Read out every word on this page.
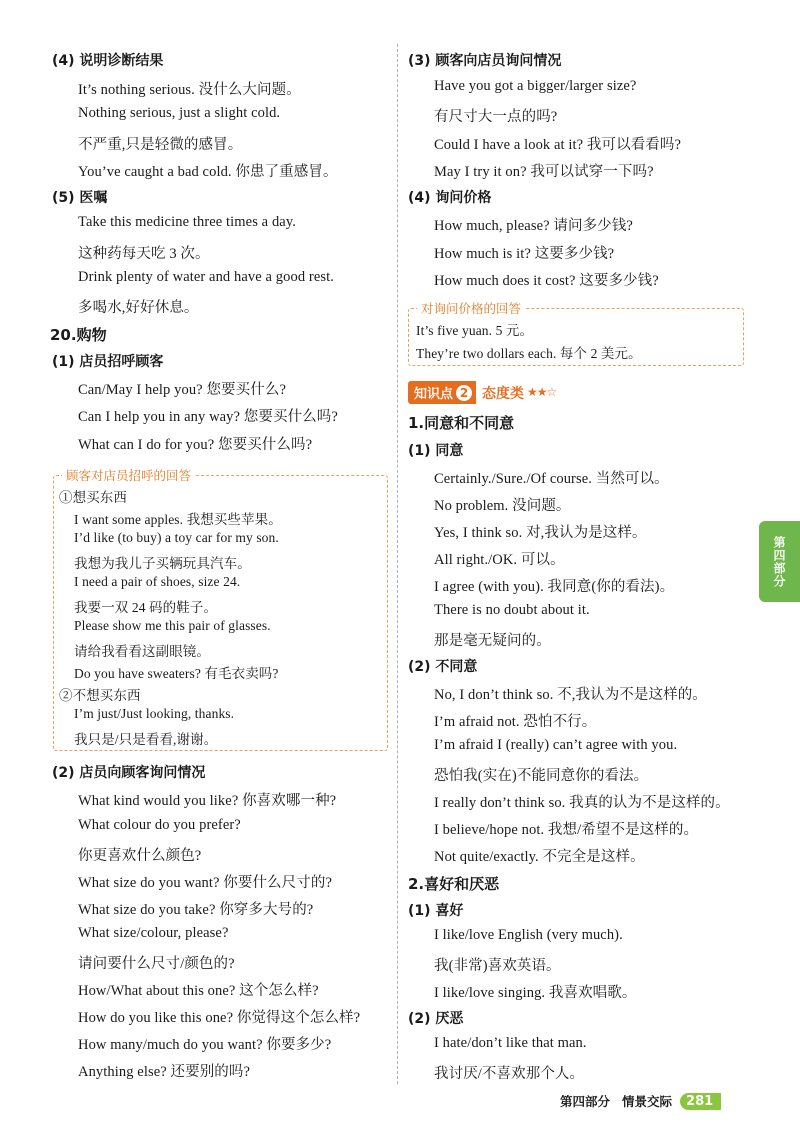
(4) 说明诊断结果
It’s nothing serious. 没什么大问题。
Nothing serious, just a slight cold.
不严重,只是轻微的感冒。
You’ve caught a bad cold. 你患了重感冒。
(5) 医嘱
Take this medicine three times a day.
这种药每天吃 3 次。
Drink plenty of water and have a good rest.
多喝水,好好休息。
20.购物
(1) 店员招呼顾客
Can/May I help you? 您要买什么?
Can I help you in any way? 您要买什么吗?
What can I do for you? 您要买什么吗?
顾客对店员招呼的回答
①想买东西
I want some apples. 我想买些苹果。
I’d like (to buy) a toy car for my son.
我想为我儿子买辆玩具汽车。
I need a pair of shoes, size 24.
我要一双 24 码的鞋子。
Please show me this pair of glasses.
请给我看看这副眼镜。
Do you have sweaters? 有毛衣卖吗?
②不想买东西
I’m just/Just looking, thanks.
我只是/只是看看,谢谢。
(2) 店员向顾客询问情况
What kind would you like? 你喜欢哪一种?
What colour do you prefer?
你更喜欢什么颜色?
What size do you want? 你要什么尺寸的?
What size do you take? 你穿多大号的?
What size/colour, please?
请问要什么尺寸/颜色的?
How/What about this one? 这个怎么样?
How do you like this one? 你觉得这个怎么样?
How many/much do you want? 你要多少?
Anything else? 还要别的吗?
(3) 顾客向店员询问情况
Have you got a bigger/larger size?
有尺寸大一点的吗?
Could I have a look at it? 我可以看看吗?
May I try it on? 我可以试穿一下吗?
(4) 询问价格
How much, please? 请问多少钱?
How much is it? 这要多少钱?
How much does it cost? 这要多少钱?
对询问价格的回答
It’s five yuan. 5 元。
They’re two dollars each. 每个 2 美元。
知识点 2 态度类 ★★☆
1.同意和不同意
(1) 同意
Certainly./Sure./Of course. 当然可以。
No problem. 没问题。
Yes, I think so. 对,我认为是这样。
All right./OK. 可以。
I agree (with you). 我同意(你的看法)。
There is no doubt about it.
那是毫无疑问的。
(2) 不同意
No, I don’t think so. 不,我认为不是这样的。
I’m afraid not. 恐怕不行。
I’m afraid I (really) can’t agree with you.
恐怕我(实在)不能同意你的看法。
I really don’t think so. 我真的认为不是这样的。
I believe/hope not. 我想/希望不是这样的。
Not quite/exactly. 不完全是这样。
2.喜好和厌恶
(1) 喜好
I like/love English (very much).
我(非常)喜欢英语。
I like/love singing. 我喜欢唱歌。
(2) 厌恶
I hate/don’t like that man.
我讨厌/不喜欢那个人。
第四部分
第四部分 情景交际	281
